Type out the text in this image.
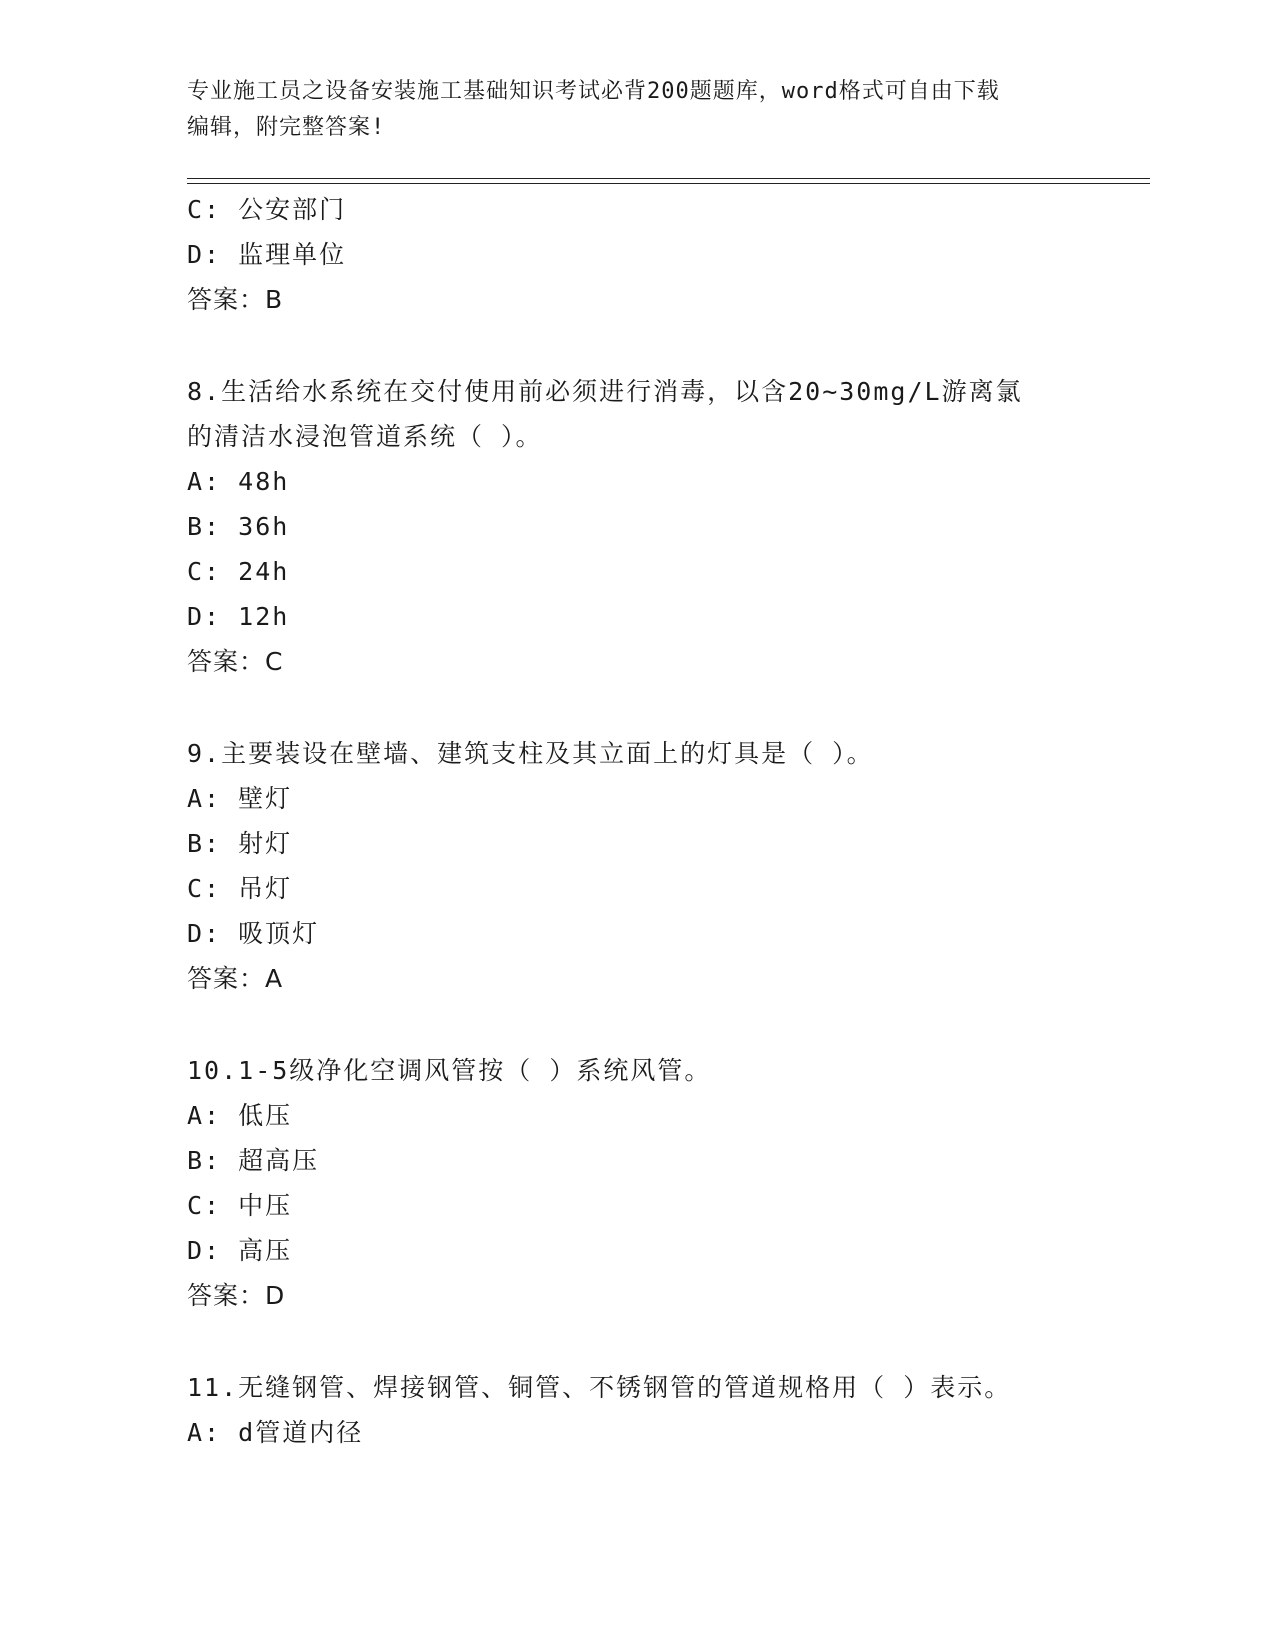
专业施工员之设备安装施工基础知识考试必背200题题库，word格式可自由下载
编辑，附完整答案!
C: 公安部门
D: 监理单位
答案：B
8.生活给水系统在交付使用前必须进行消毒，以含20~30mg/L游离氯
的清洁水浸泡管道系统（ ）。
A: 48h
B: 36h
C: 24h
D: 12h
答案：C
9.主要装设在壁墙、建筑支柱及其立面上的灯具是（ ）。
A: 壁灯
B: 射灯
C: 吊灯
D: 吸顶灯
答案：A
10.1-5级净化空调风管按（ ）系统风管。
A: 低压
B: 超高压
C: 中压
D: 高压
答案：D
11.无缝钢管、焊接钢管、铜管、不锈钢管的管道规格用（ ）表示。
A: d管道内径
